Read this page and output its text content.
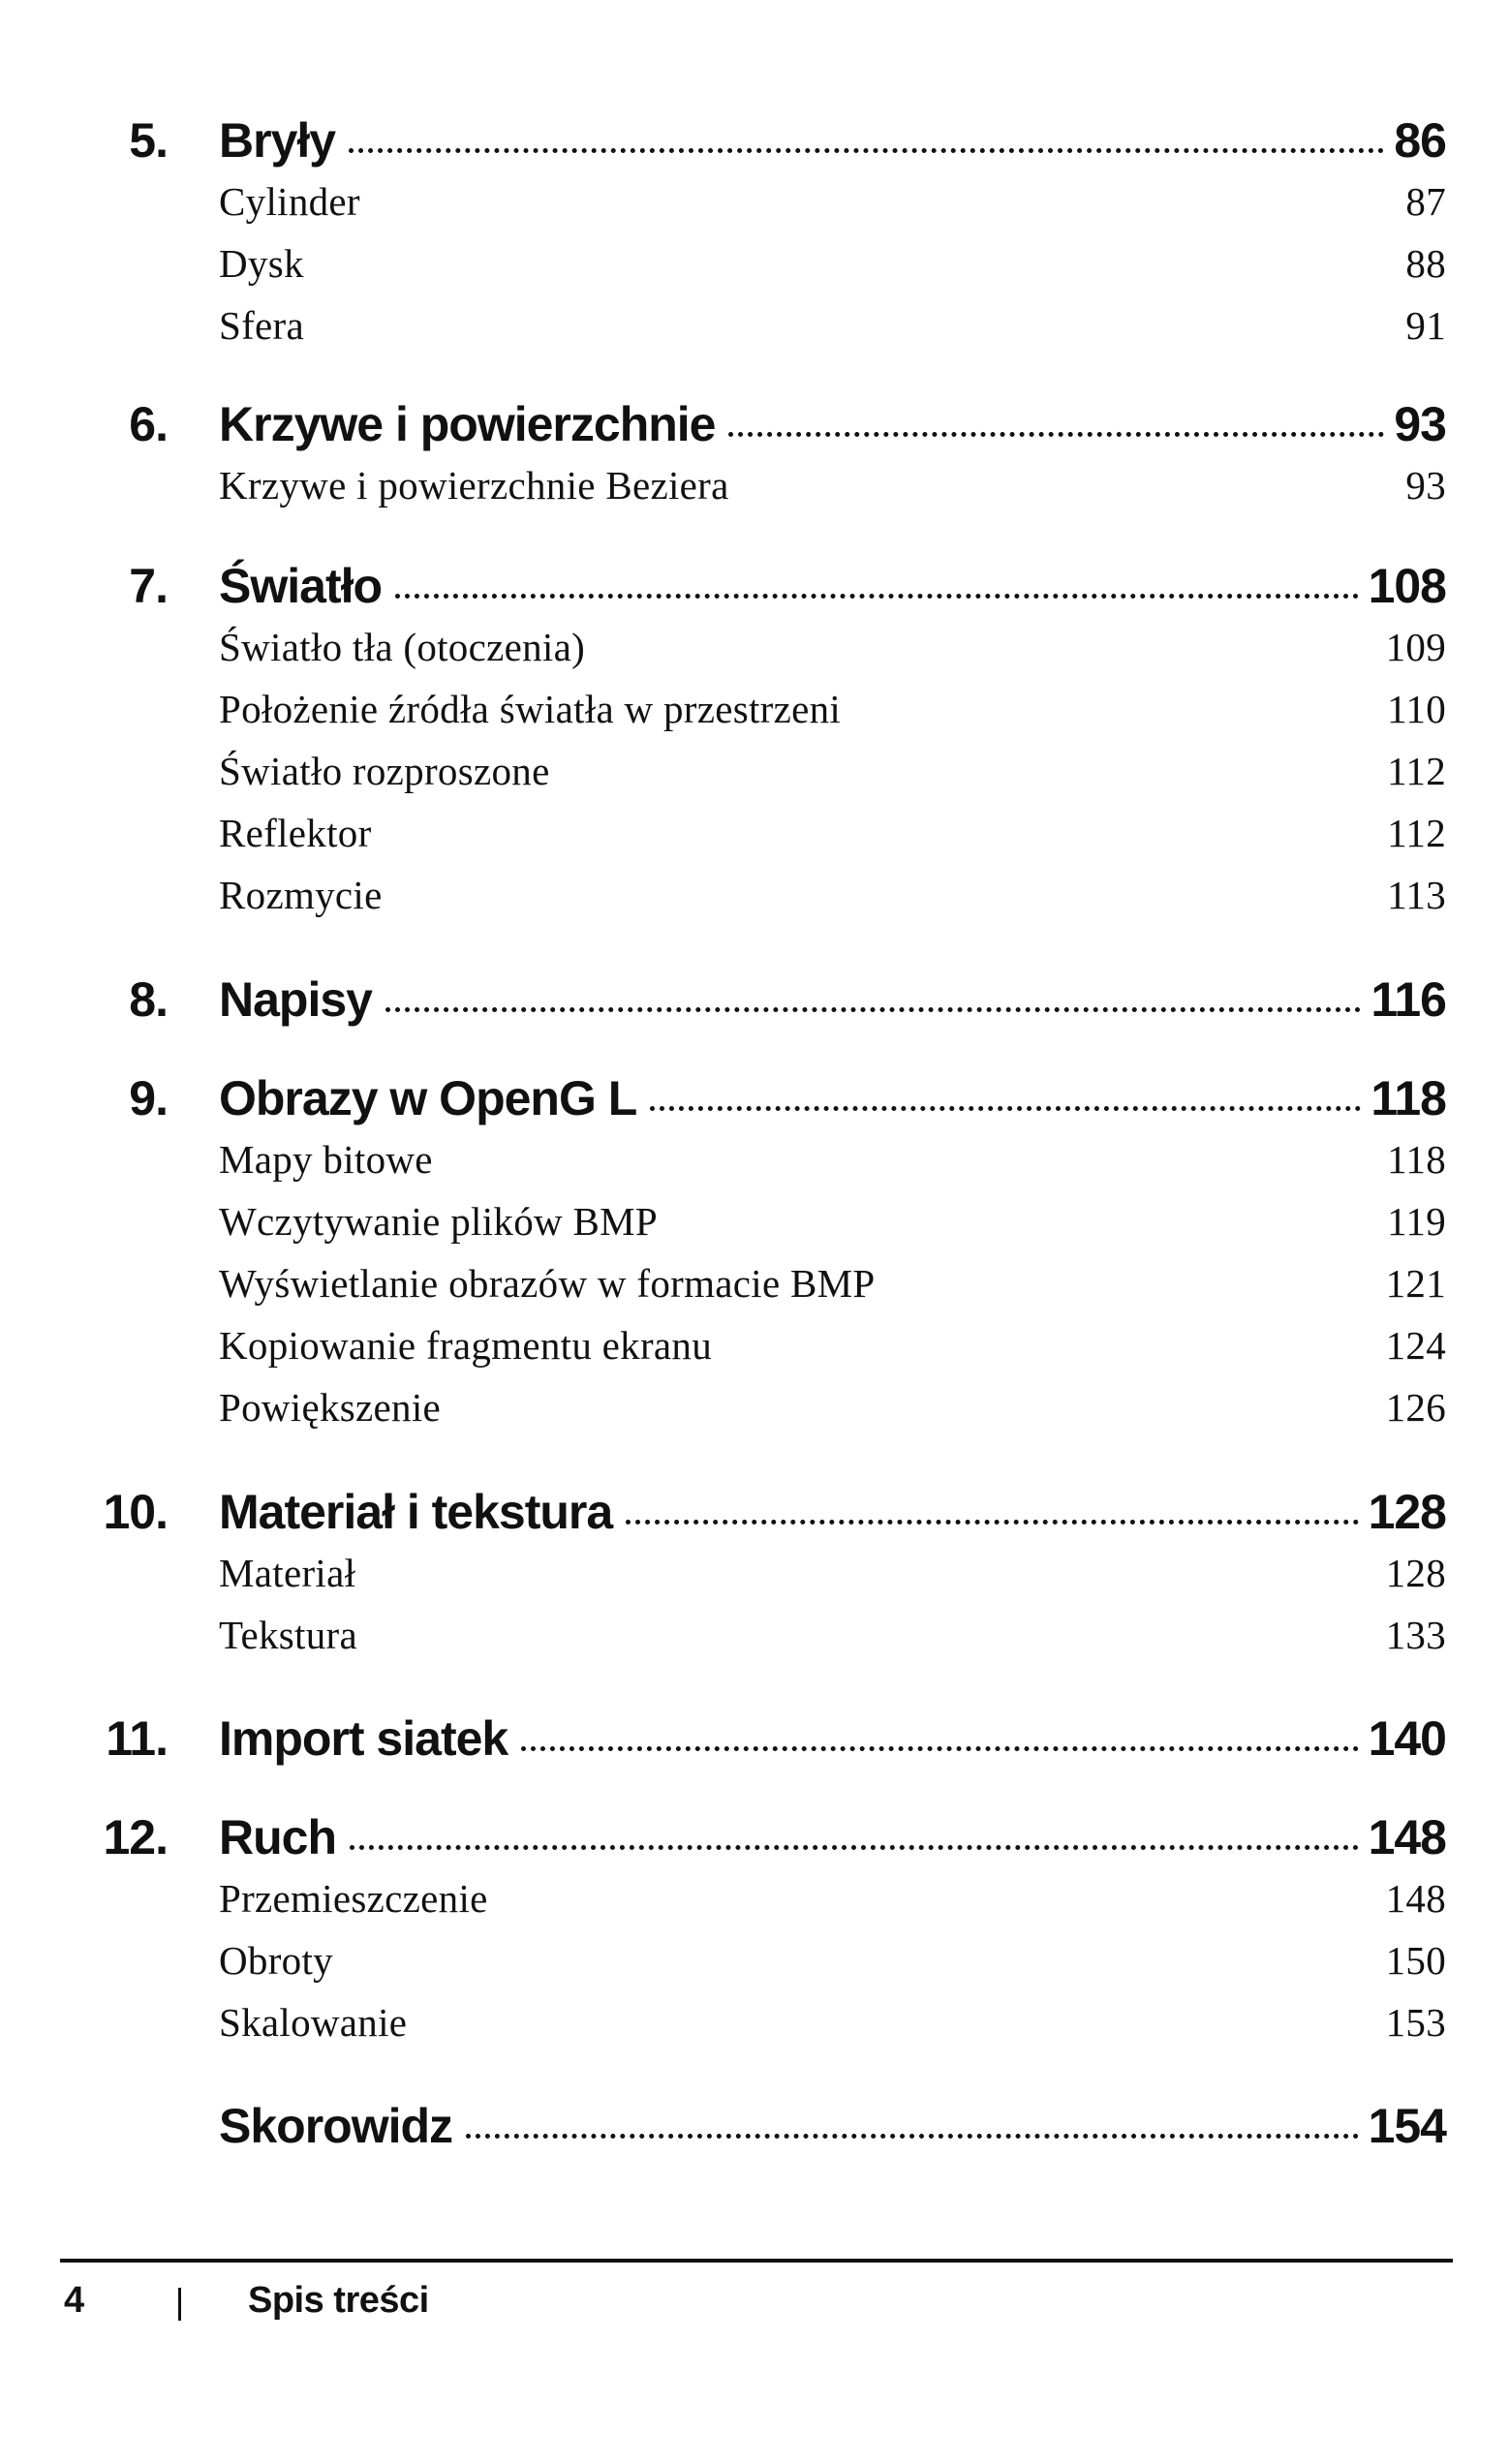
5. Bryły	86
Cylinder	87
Dysk	88
Sfera	91
6. Krzywe i powierzchnie	93
Krzywe i powierzchnie Beziera	93
7. Światło	108
Światło tła (otoczenia)	109
Położenie źródła światła w przestrzeni	110
Światło rozproszone	112
Reflektor	112
Rozmycie	113
8. Napisy	116
9. Obrazy w OpenG L	118
Mapy bitowe	118
Wczytywanie plików BMP	119
Wyświetlanie obrazów w formacie BMP	121
Kopiowanie fragmentu ekranu	124
Powiększenie	126
10. Materiał i tekstura	128
Materiał	128
Tekstura	133
11. Import siatek	140
12. Ruch	148
Przemieszczenie	148
Obroty	150
Skalowanie	153
Skorowidz	154
4	Spis treści
